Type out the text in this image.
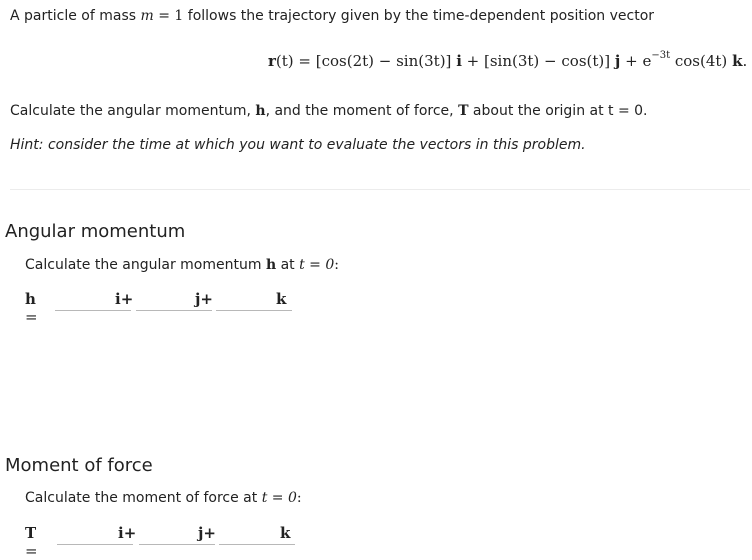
A particle of mass m = 1 follows the trajectory given by the time-dependent position vector
r(t) = [cos(2t) − sin(3t)] i + [sin(3t) − cos(t)] $j + e^{-3t}$ cos(4t) k.
Calculate the angular momentum, h, and the moment of force, T about the origin at t = 0.
Hint: consider the time at which you want to evaluate the vectors in this problem.
Angular momentum
Calculate the angular momentum h at t = 0:
h =
i+	j+	k
Moment of force
Calculate the moment of force at t = 0:
T =
i+	j+	k
